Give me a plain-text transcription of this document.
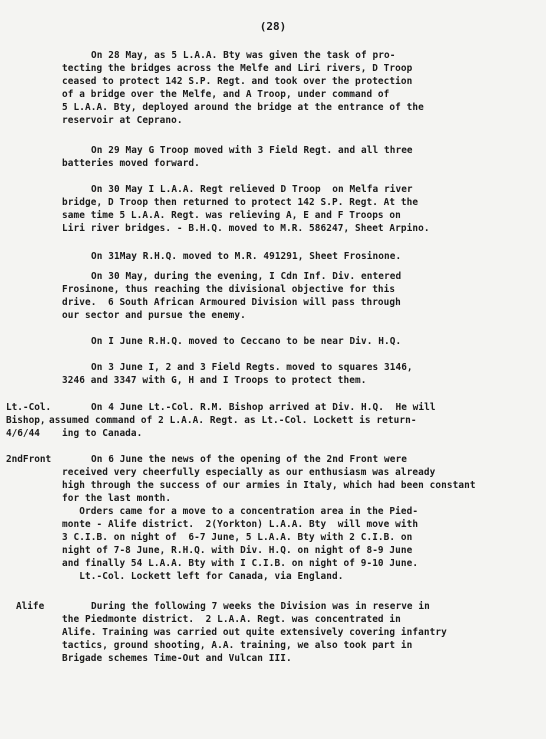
(28)
On 28 May, as 5 L.A.A. Bty was given the task of pro-
tecting the bridges across the Melfe and Liri rivers, D Troop
ceased to protect 142 S.P. Regt. and took over the protection
of a bridge over the Melfe, and A Troop, under command of
5 L.A.A. Bty, deployed around the bridge at the entrance of the
reservoir at Ceprano.
On 29 May G Troop moved with 3 Field Regt. and all three
batteries moved forward.
On 30 May I L.A.A. Regt relieved D Troop  on Melfa river
bridge, D Troop then returned to protect 142 S.P. Regt. At the
same time 5 L.A.A. Regt. was relieving A, E and F Troops on
Liri river bridges. - B.H.Q. moved to M.R. 586247, Sheet Arpino.
On 31May R.H.Q. moved to M.R. 491291, Sheet Frosinone.
On 30 May, during the evening, I Cdn Inf. Div. entered
Frosinone, thus reaching the divisional objective for this
drive.  6 South African Armoured Division will pass through
our sector and pursue the enemy.
On I June R.H.Q. moved to Ceccano to be near Div. H.Q.
On 3 June I, 2 and 3 Field Regts. moved to squares 3146,
3246 and 3347 with G, H and I Troops to protect them.
Lt.-Col.
Bishop,
4/6/44
On 4 June Lt.-Col. R.M. Bishop arrived at Div. H.Q.  He will
assumed command of 2 L.A.A. Regt. as Lt.-Col. Lockett is return-
ing to Canada.
2ndFront	On 6 June the news of the opening of the 2nd Front were
received very cheerfully especially as our enthusiasm was already
high through the success of our armies in Italy, which had been constant
for the last month.
Orders came for a move to a concentration area in the Pied-
monte - Alife district.  2(Yorkton) L.A.A. Bty  will move with
3 C.I.B. on night of  6-7 June, 5 L.A.A. Bty with 2 C.I.B. on
night of 7-8 June, R.H.Q. with Div. H.Q. on night of 8-9 June
and finally 54 L.A.A. Bty with I C.I.B. on night of 9-10 June.
Lt.-Col. Lockett left for Canada, via England.
Alife	During the following 7 weeks the Division was in reserve in
the Piedmonte district.  2 L.A.A. Regt. was concentrated in
Alife. Training was carried out quite extensively covering infantry
tactics, ground shooting, A.A. training, we also took part in
Brigade schemes Time-Out and Vulcan III.
